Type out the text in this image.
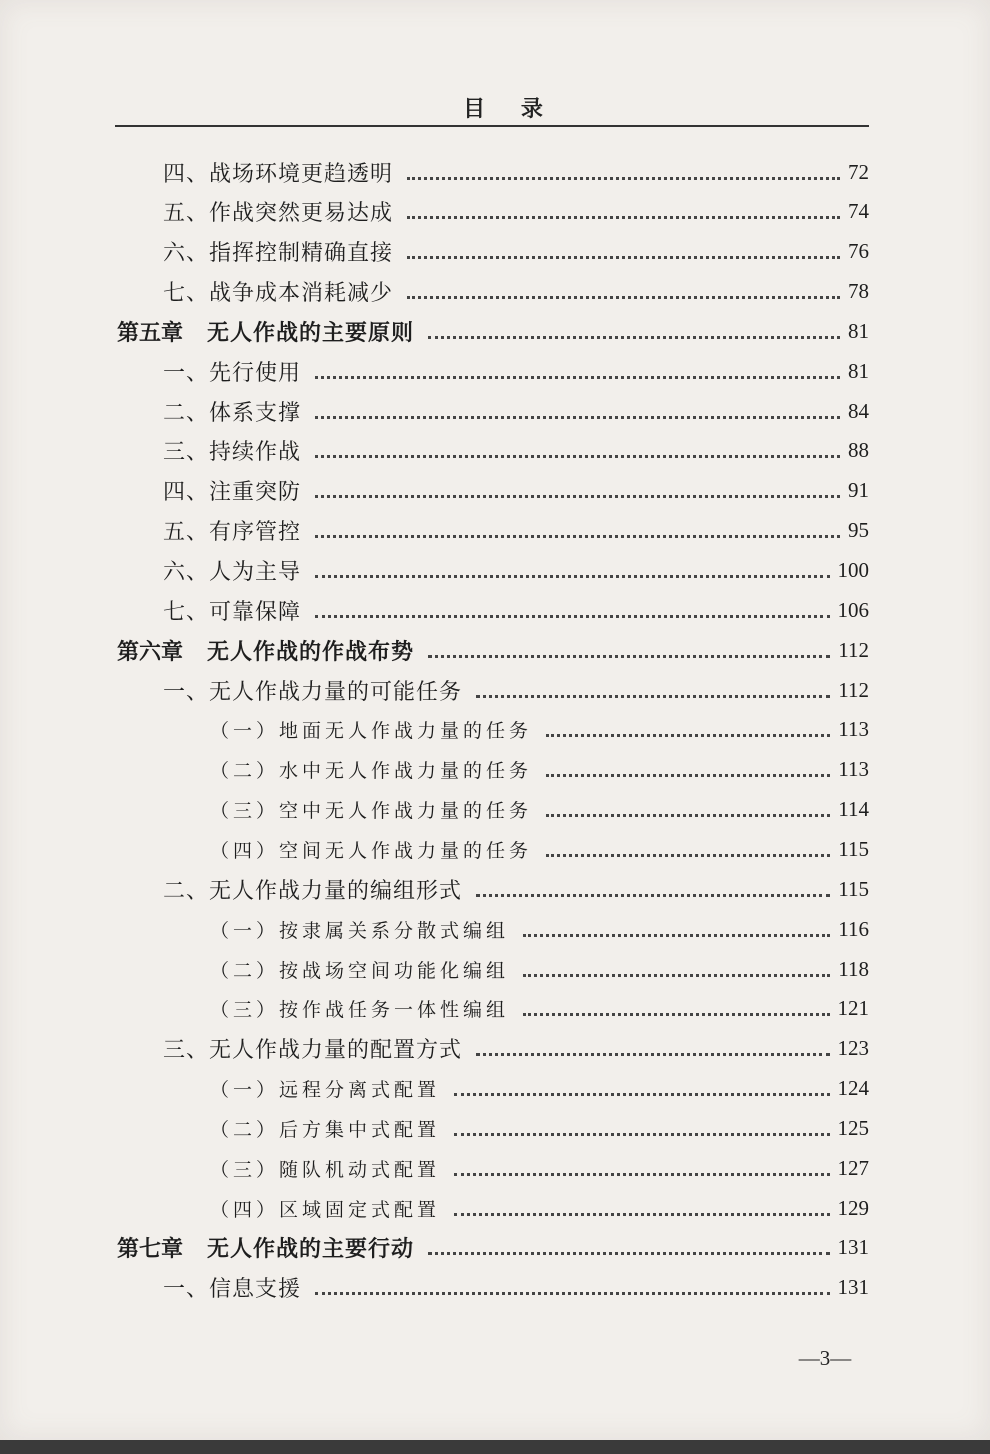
目 录
四、战场环境更趋透明	72
五、作战突然更易达成	74
六、指挥控制精确直接	76
七、战争成本消耗减少	78
第五章 无人作战的主要原则	81
一、先行使用	81
二、体系支撑	84
三、持续作战	88
四、注重突防	91
五、有序管控	95
六、人为主导	100
七、可靠保障	106
第六章 无人作战的作战布势	112
一、无人作战力量的可能任务	112
（一）地面无人作战力量的任务	113
（二）水中无人作战力量的任务	113
（三）空中无人作战力量的任务	114
（四）空间无人作战力量的任务	115
二、无人作战力量的编组形式	115
（一）按隶属关系分散式编组	116
（二）按战场空间功能化编组	118
（三）按作战任务一体性编组	121
三、无人作战力量的配置方式	123
（一）远程分离式配置	124
（二）后方集中式配置	125
（三）随队机动式配置	127
（四）区域固定式配置	129
第七章 无人作战的主要行动	131
一、信息支援	131
—3—
